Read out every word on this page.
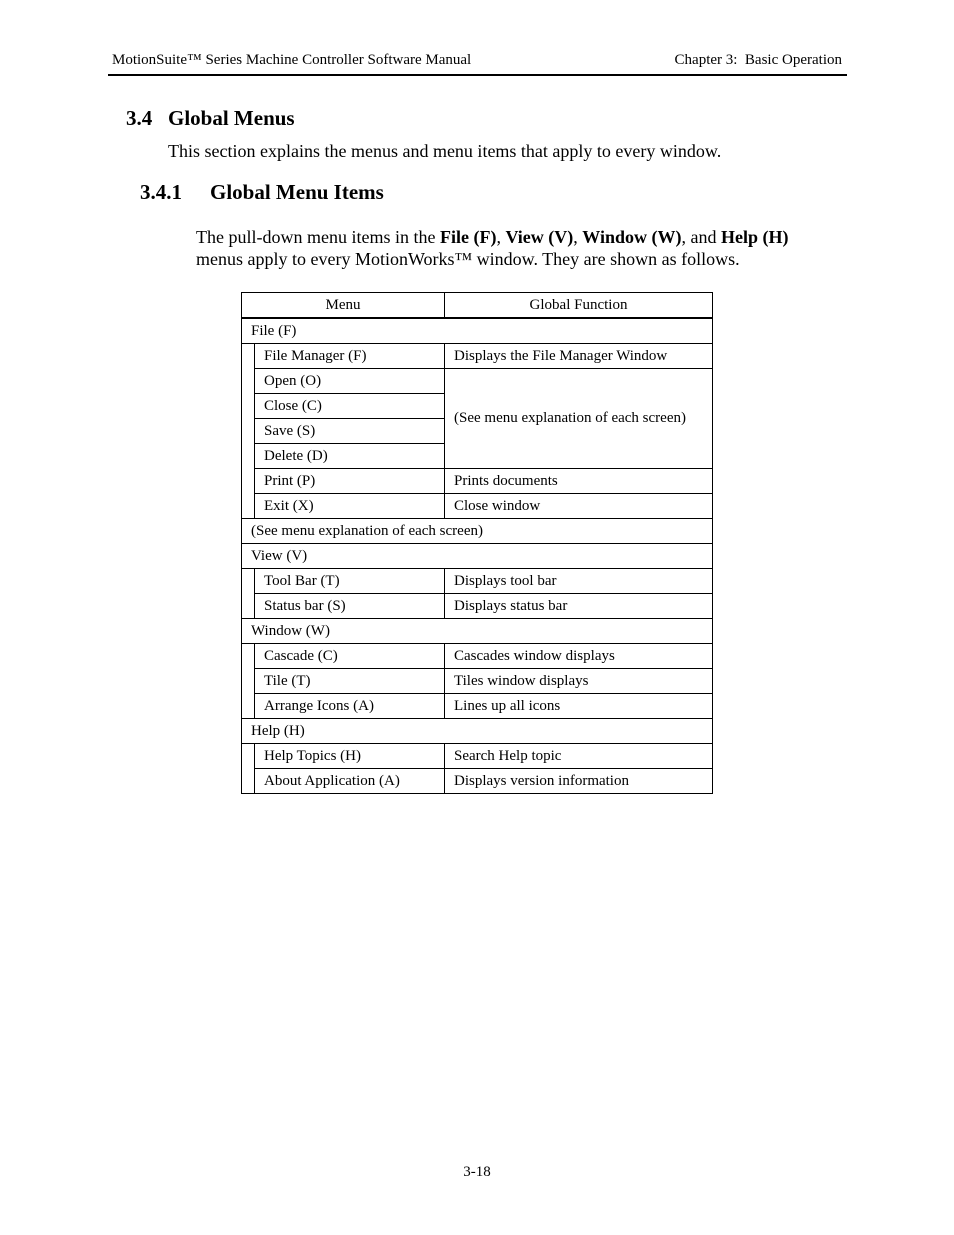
MotionSuite™ Series Machine Controller Software Manual	Chapter 3:  Basic Operation
3.4 Global Menus
This section explains the menus and menu items that apply to every window.
3.4.1 Global Menu Items
The pull-down menu items in the File (F), View (V), Window (W), and Help (H) menus apply to every MotionWorks™ window. They are shown as follows.
Menu		Global Function
File (F)		
	File Manager (F)	Displays the File Manager Window
	Open (O)	(See menu explanation of each screen)
	Close (C)	
	Save (S)	
	Delete (D)	
	Print (P)	Prints documents
	Exit (X)	Close window
(See menu explanation of each screen)		
View (V)		
	Tool Bar (T)	Displays tool bar
	Status bar (S)	Displays status bar
Window (W)		
	Cascade (C)	Cascades window displays
	Tile (T)	Tiles window displays
	Arrange Icons (A)	Lines up all icons
Help (H)		
	Help Topics (H)	Search Help topic
	About Application (A)	Displays version information
3-18
